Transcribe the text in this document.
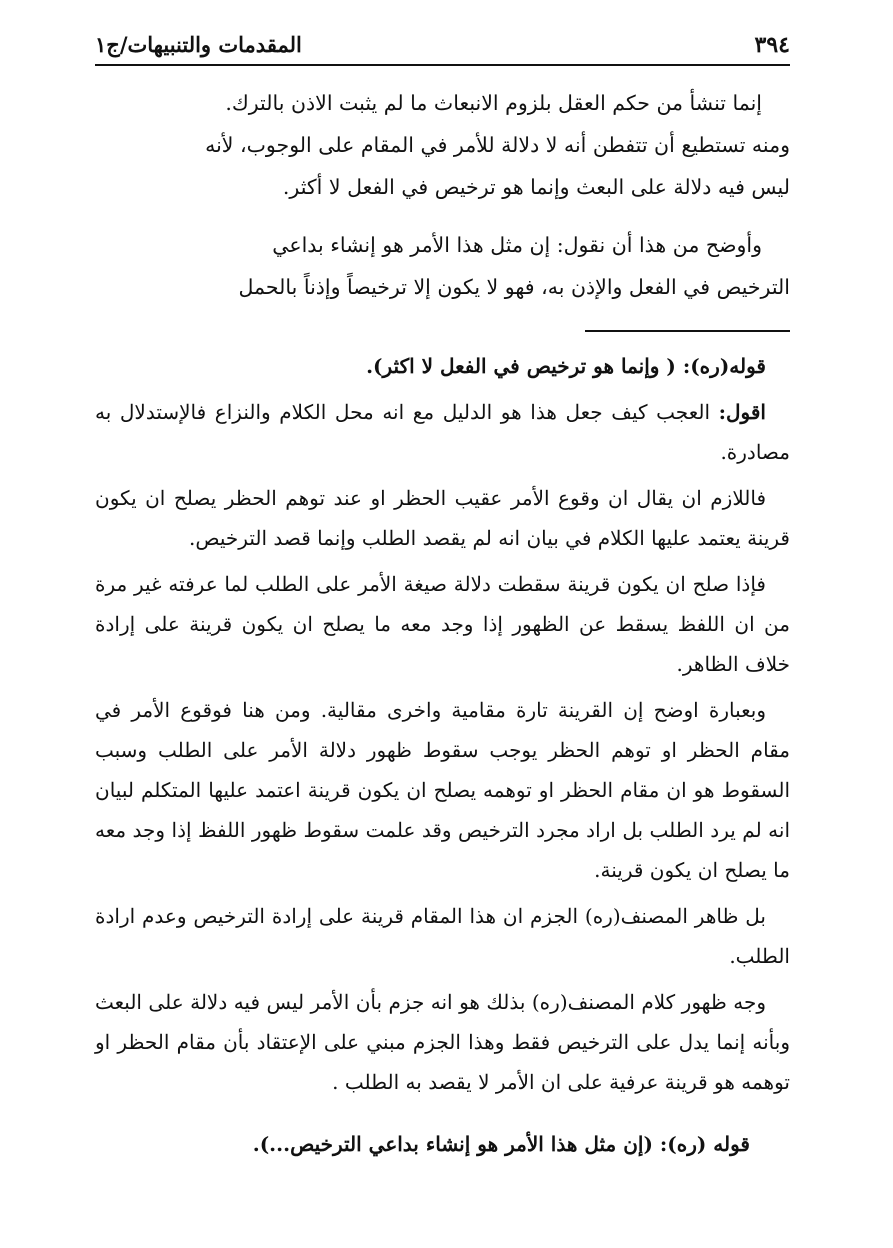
٣٩٤
المقدمات والتنبيهات/ج١

إنما تنشأ من حكم العقل بلزوم الانبعاث ما لم يثبت الاذن بالترك.
ومنه تستطيع أن تتفطن أنه لا دلالة للأمر في المقام على الوجوب، لأنه
ليس فيه دلالة على البعث وإنما هو ترخيص في الفعل لا أكثر.

وأوضح من هذا أن نقول: إن مثل هذا الأمر هو إنشاء بداعي
الترخيص في الفعل والإذن به، فهو لا يكون إلا ترخيصاً وإذناً بالحمل

قوله(ره): ( وإنما هو ترخيص في الفعل لا اكثر).

اقول: العجب كيف جعل هذا هو الدليل مع انه محل الكلام والنزاع فالإستدلال به مصادرة.

فاللازم ان يقال ان وقوع الأمر عقيب الحظر او عند توهم الحظر يصلح ان يكون قرينة يعتمد عليها الكلام في بيان انه لم يقصد الطلب وإنما قصد الترخيص.

فإذا صلح ان يكون قرينة سقطت دلالة صيغة الأمر على الطلب لما عرفته غير مرة من ان اللفظ يسقط عن الظهور إذا وجد معه ما يصلح ان يكون قرينة على إرادة خلاف الظاهر.

وبعبارة اوضح إن القرينة تارة مقامية واخرى مقالية. ومن هنا فوقوع الأمر في مقام الحظر او توهم الحظر يوجب سقوط ظهور دلالة الأمر على الطلب وسبب السقوط هو ان مقام الحظر او توهمه يصلح ان يكون قرينة اعتمد عليها المتكلم لبيان انه لم يرد الطلب بل اراد مجرد الترخيص وقد علمت سقوط ظهور اللفظ إذا وجد معه ما يصلح ان يكون قرينة.

بل ظاهر المصنف(ره) الجزم ان هذا المقام قرينة على إرادة الترخيص وعدم ارادة الطلب.

وجه ظهور كلام المصنف(ره) بذلك هو انه جزم بأن الأمر ليس فيه دلالة على البعث وبأنه إنما يدل على الترخيص فقط وهذا الجزم مبني على الإعتقاد بأن مقام الحظر او توهمه هو قرينة عرفية على ان الأمر لا يقصد به الطلب .

قوله (ره): (إن مثل هذا الأمر هو إنشاء بداعي الترخيص...).
